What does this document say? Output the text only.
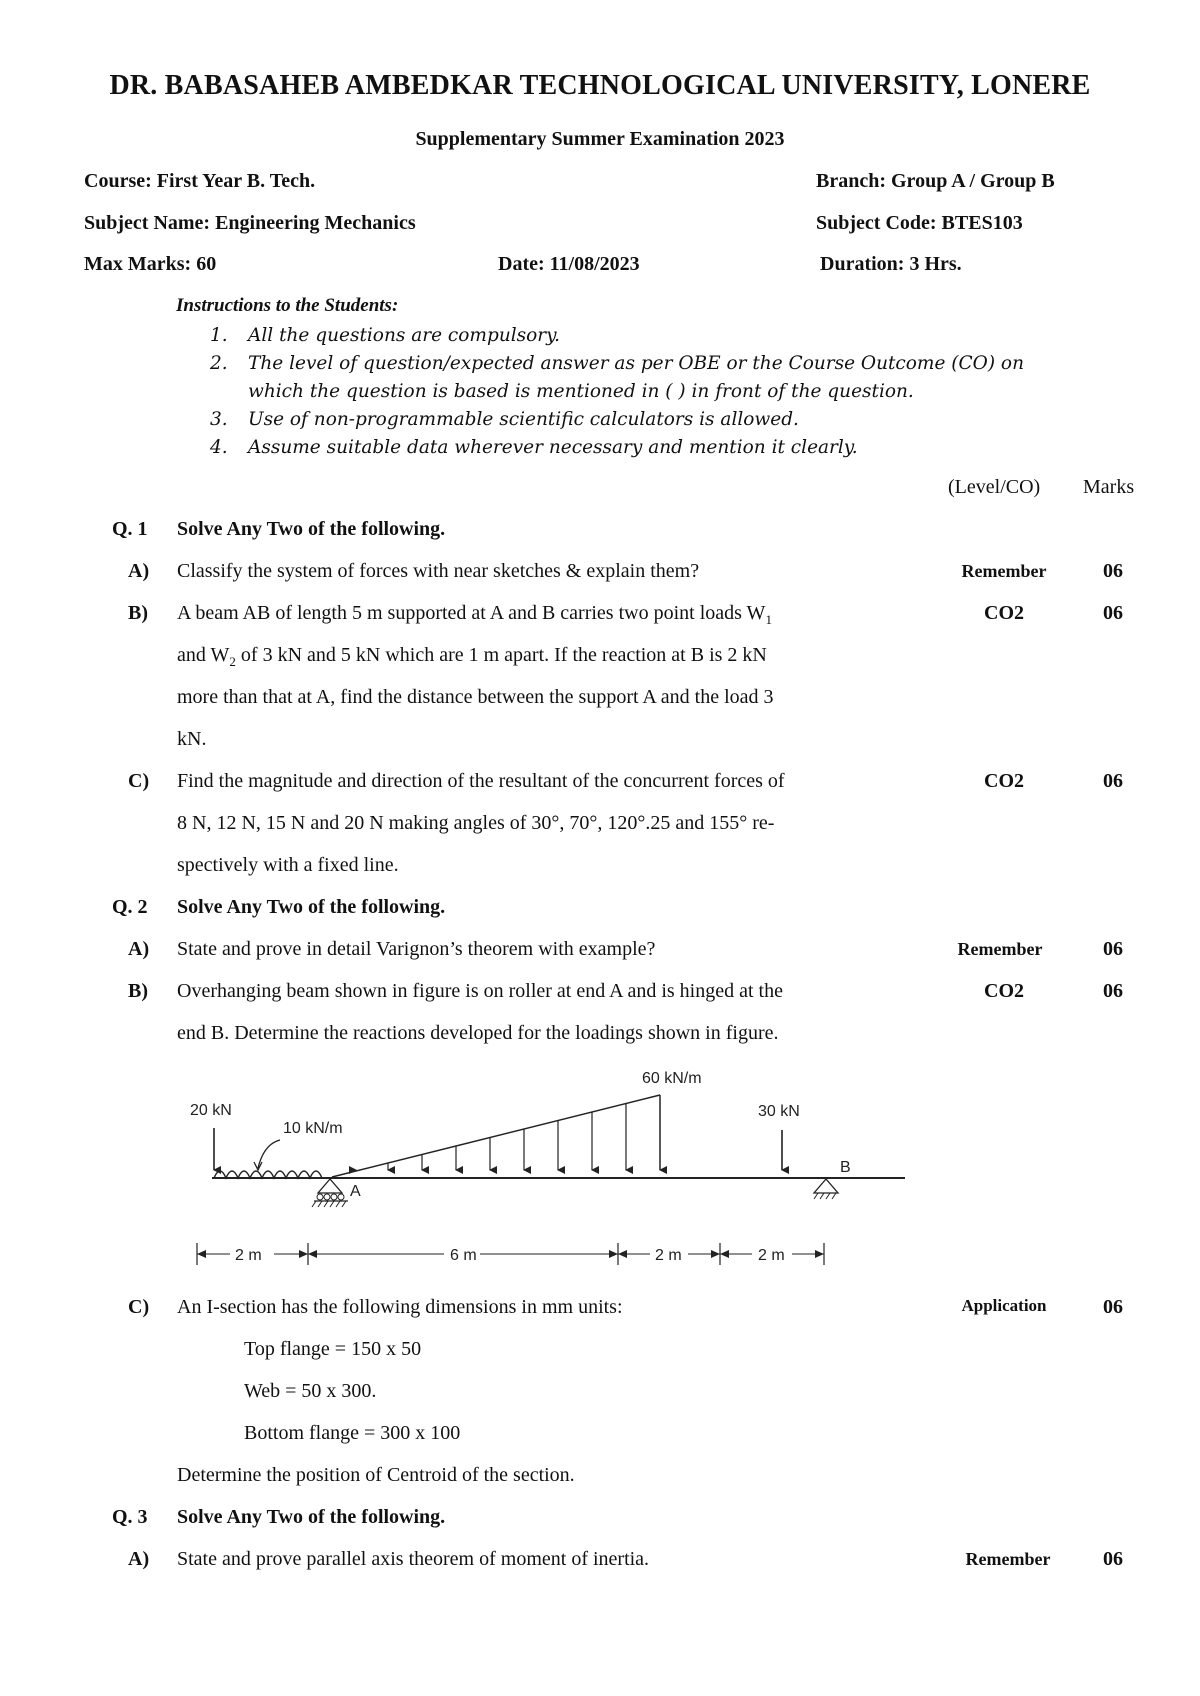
DR. BABASAHEB AMBEDKAR TECHNOLOGICAL UNIVERSITY, LONERE
Supplementary Summer Examination 2023
Course: First Year B. Tech.	Branch: Group A / Group B
Subject Name: Engineering Mechanics	Subject Code: BTES103
Max Marks: 60	Date: 11/08/2023	Duration: 3 Hrs.
Instructions to the Students:
1. All the questions are compulsory.
2. The level of question/expected answer as per OBE or the Course Outcome (CO) on
which the question is based is mentioned in ( ) in front of the question.
3. Use of non-programmable scientific calculators is allowed.
4. Assume suitable data wherever necessary and mention it clearly.
(Level/CO) Marks
Q. 1 Solve Any Two of the following.
A) Classify the system of forces with near sketches & explain them?	Remember	06
B) A beam AB of length 5 m supported at A and B carries two point loads $W_1$
and $W_2$ of 3 kN and 5 kN which are 1 m apart. If the reaction at B is 2 kN
more than that at A, find the distance between the support A and the load 3
kN.
CO2	06
C) Find the magnitude and direction of the resultant of the concurrent forces of
8 N, 12 N, 15 N and 20 N making angles of 30°, 70°, 120°.25 and 155° re-
spectively with a fixed line.
CO2	06
Q. 2 Solve Any Two of the following.
A) State and prove in detail Varignon’s theorem with example?	Remember	06
B) Overhanging beam shown in figure is on roller at end A and is hinged at the
end B. Determine the reactions developed for the loadings shown in figure.
CO2	06
20 kN
10 kN/m
60 kN/m
30 kN
A
B
2 m	6 m	2 m	2 m
C) An I-section has the following dimensions in mm units:	Application	06
Top flange = 150 x 50
Web = 50 x 300.
Bottom flange = 300 x 100
Determine the position of Centroid of the section.
Q. 3 Solve Any Two of the following.
A) State and prove parallel axis theorem of moment of inertia.	Remember	06
